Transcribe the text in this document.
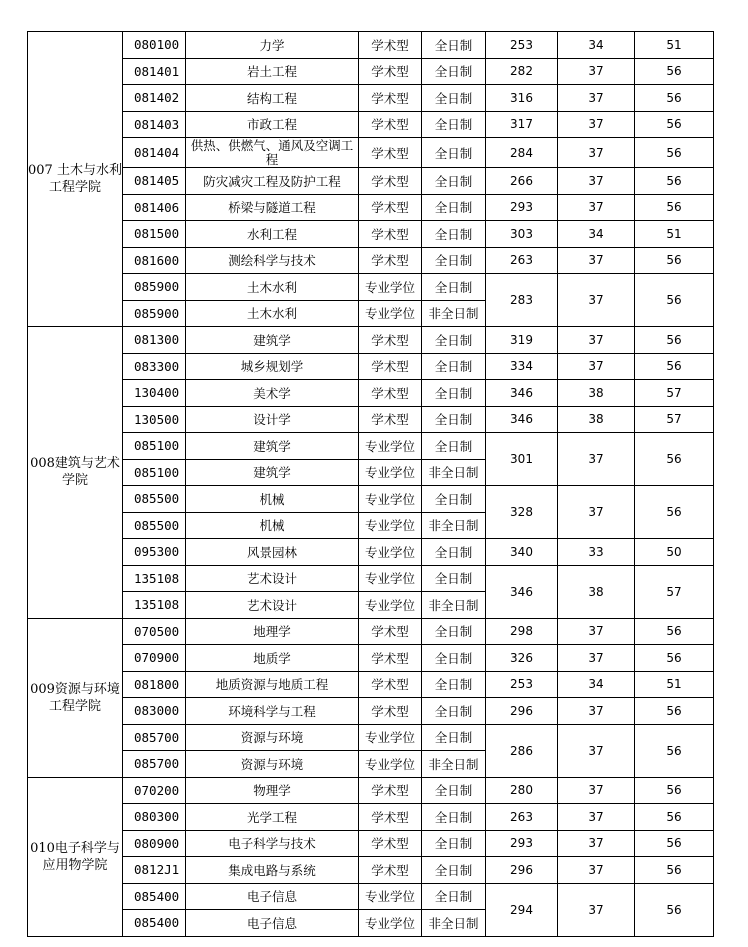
007 土木与水利工程学院	080100	力学	学术型	全日制	253	34	51
	081401	岩土工程	学术型	全日制	282	37	56
	081402	结构工程	学术型	全日制	316	37	56
	081403	市政工程	学术型	全日制	317	37	56
	081404	供热、供燃气、通风及空调工程	学术型	全日制	284	37	56
	081405	防灾减灾工程及防护工程	学术型	全日制	266	37	56
	081406	桥梁与隧道工程	学术型	全日制	293	37	56
	081500	水利工程	学术型	全日制	303	34	51
	081600	测绘科学与技术	学术型	全日制	263	37	56
	085900	土木水利	专业学位	全日制	283	37	56
	085900	土木水利	专业学位	非全日制			
008建筑与艺术学院	081300	建筑学	学术型	全日制	319	37	56
	083300	城乡规划学	学术型	全日制	334	37	56
	130400	美术学	学术型	全日制	346	38	57
	130500	设计学	学术型	全日制	346	38	57
	085100	建筑学	专业学位	全日制	301	37	56
	085100	建筑学	专业学位	非全日制			
	085500	机械	专业学位	全日制	328	37	56
	085500	机械	专业学位	非全日制			
	095300	风景园林	专业学位	全日制	340	33	50
	135108	艺术设计	专业学位	全日制	346	38	57
	135108	艺术设计	专业学位	非全日制			
009资源与环境工程学院	070500	地理学	学术型	全日制	298	37	56
	070900	地质学	学术型	全日制	326	37	56
	081800	地质资源与地质工程	学术型	全日制	253	34	51
	083000	环境科学与工程	学术型	全日制	296	37	56
	085700	资源与环境	专业学位	全日制	286	37	56
	085700	资源与环境	专业学位	非全日制			
010电子科学与应用物学院	070200	物理学	学术型	全日制	280	37	56
	080300	光学工程	学术型	全日制	263	37	56
	080900	电子科学与技术	学术型	全日制	293	37	56
	0812J1	集成电路与系统	学术型	全日制	296	37	56
	085400	电子信息	专业学位	全日制	294	37	56
	085400	电子信息	专业学位	非全日制			
